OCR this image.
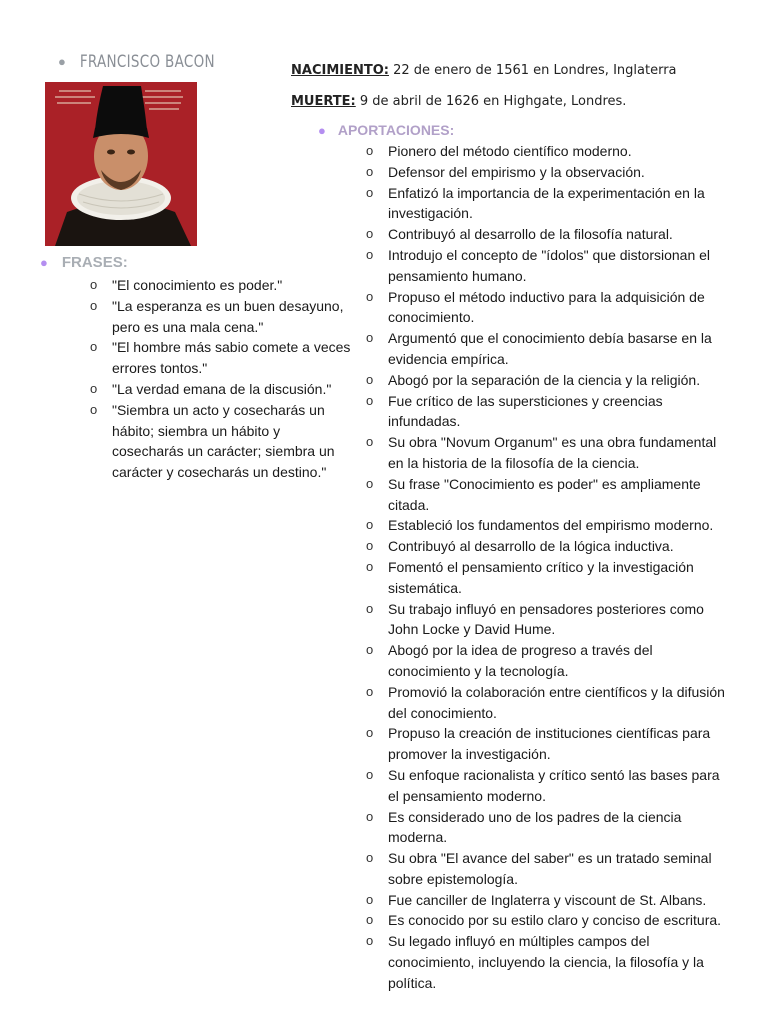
● FRANCISCO BACON	NACIMIENTO: 22 de enero de 1561 en Londres, Inglaterra
MUERTE: 9 de abril de 1626 en Highgate, Londres.
● APORTACIONES:
o Pionero del método científico moderno.
o Defensor del empirismo y la observación.
o Enfatizó la importancia de la experimentación en la investigación.
o Contribuyó al desarrollo de la filosofía natural.
o Introdujo el concepto de "ídolos" que distorsionan el pensamiento humano.
o Propuso el método inductivo para la adquisición de conocimiento.
o Argumentó que el conocimiento debía basarse en la evidencia empírica.
o Abogó por la separación de la ciencia y la religión.
o Fue crítico de las supersticiones y creencias infundadas.
o Su obra "Novum Organum" es una obra fundamental en la historia de la filosofía de la ciencia.
o Su frase "Conocimiento es poder" es ampliamente citada.
o Estableció los fundamentos del empirismo moderno.
o Contribuyó al desarrollo de la lógica inductiva.
o Fomentó el pensamiento crítico y la investigación sistemática.
o Su trabajo influyó en pensadores posteriores como John Locke y David Hume.
o Abogó por la idea de progreso a través del conocimiento y la tecnología.
o Promovió la colaboración entre científicos y la difusión del conocimiento.
o Propuso la creación de instituciones científicas para promover la investigación.
o Su enfoque racionalista y crítico sentó las bases para el pensamiento moderno.
o Es considerado uno de los padres de la ciencia moderna.
o Su obra "El avance del saber" es un tratado seminal sobre epistemología.
o Fue canciller de Inglaterra y viscount de St. Albans.
o Es conocido por su estilo claro y conciso de escritura.
o Su legado influyó en múltiples campos del conocimiento, incluyendo la ciencia, la filosofía y la política.
● FRASES:
o "El conocimiento es poder."
o "La esperanza es un buen desayuno, pero es una mala cena."
o "El hombre más sabio comete a veces errores tontos."
o "La verdad emana de la discusión."
o "Siembra un acto y cosecharás un hábito; siembra un hábito y cosecharás un carácter; siembra un carácter y cosecharás un destino."
